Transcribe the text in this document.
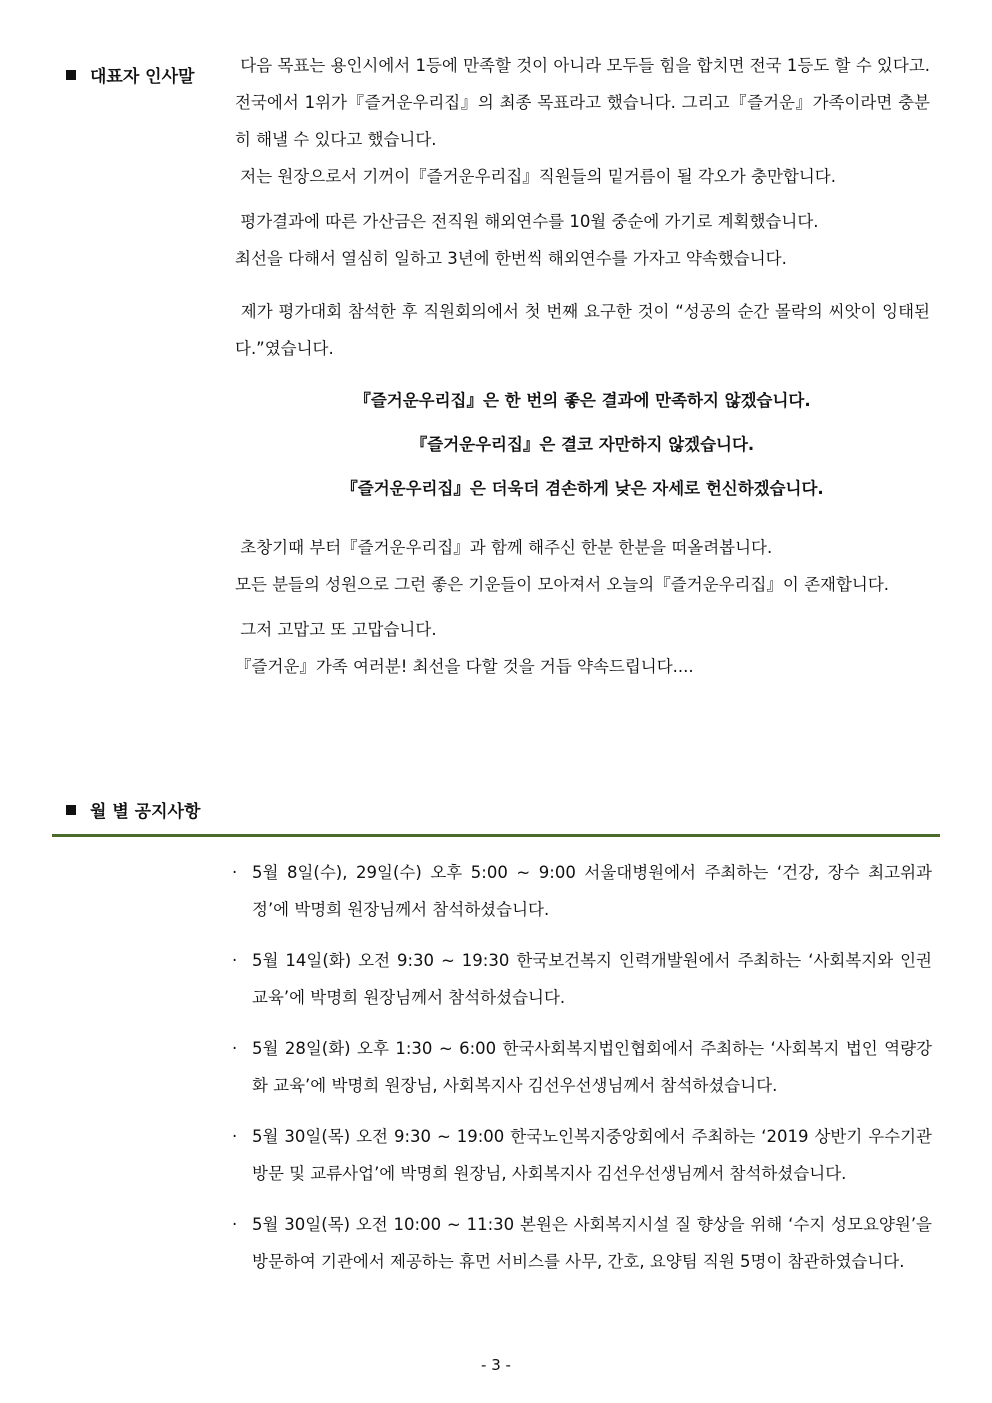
대표자 인사말

다음 목표는 용인시에서 1등에 만족할 것이 아니라 모두들 힘을 합치면 전국 1등도 할 수 있다고. 전국에서 1위가『즐거운우리집』의 최종 목표라고 했습니다. 그리고『즐거운』가족이라면 충분히 해낼 수 있다고 했습니다.

저는 원장으로서 기꺼이『즐거운우리집』직원들의 밑거름이 될 각오가 충만합니다.

평가결과에 따른 가산금은 전직원 해외연수를 10월 중순에 가기로 계획했습니다.

최선을 다해서 열심히 일하고 3년에 한번씩 해외연수를 가자고 약속했습니다.

제가 평가대회 참석한 후 직원회의에서 첫 번째 요구한 것이 “성공의 순간 몰락의 씨앗이 잉태된다.”였습니다.

『즐거운우리집』은 한 번의 좋은 결과에 만족하지 않겠습니다.

『즐거운우리집』은 결코 자만하지 않겠습니다.

『즐거운우리집』은 더욱더 겸손하게 낮은 자세로 헌신하겠습니다.

초창기때 부터『즐거운우리집』과 함께 해주신 한분 한분을 떠올려봅니다.

모든 분들의 성원으로 그런 좋은 기운들이 모아져서 오늘의『즐거운우리집』이 존재합니다.

그저 고맙고 또 고맙습니다.

『즐거운』가족 여러분! 최선을 다할 것을 거듭 약속드립니다....

월 별 공지사항
· 5월 8일(수), 29일(수) 오후 5:00 ~ 9:00 서울대병원에서 주최하는 ‘건강, 장수 최고위과정’에 박명희 원장님께서 참석하셨습니다.
· 5월 14일(화) 오전 9:30 ~ 19:30 한국보건복지 인력개발원에서 주최하는 ‘사회복지와 인권 교육’에 박명희 원장님께서 참석하셨습니다.
· 5월 28일(화) 오후 1:30 ~ 6:00 한국사회복지법인협회에서 주최하는 ‘사회복지 법인 역량강화 교육’에 박명희 원장님, 사회복지사 김선우선생님께서 참석하셨습니다.
· 5월 30일(목) 오전 9:30 ~ 19:00 한국노인복지중앙회에서 주최하는 ‘2019 상반기 우수기관 방문 및 교류사업’에 박명희 원장님, 사회복지사 김선우선생님께서 참석하셨습니다.
· 5월 30일(목) 오전 10:00 ~ 11:30 본원은 사회복지시설 질 향상을 위해 ‘수지 성모요양원’을 방문하여 기관에서 제공하는 휴먼 서비스를 사무, 간호, 요양팀 직원 5명이 참관하였습니다.
- 3 -
